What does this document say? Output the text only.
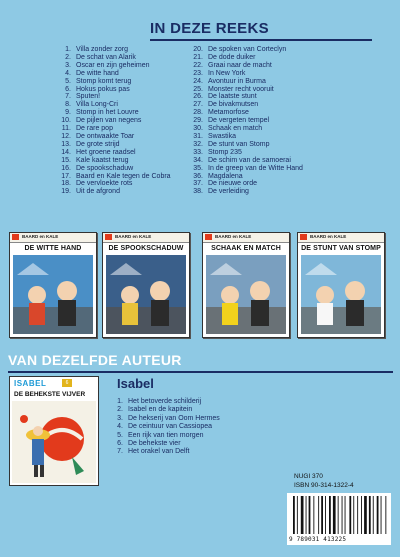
IN DEZE REEKS
1. Villa zonder zorg
2. De schat van Alarik
3. Oscar en zijn geheimen
4. De witte hand
5. Stomp komt terug
6. Hokus pokus pas
7. Sputen!
8. Villa Long-Cri
9. Stomp in het Louvre
10. De pijlen van negens
11. De rare pop
12. De ontwaakte Toar
13. De grote strijd
14. Het groene raadsel
15. Kale kaatst terug
16. De spookschaduw
17. Baard en Kale tegen de Cobra
18. De vervloekte rots
19. Uit de afgrond
20. De spoken van Corteclyn
21. De dode duiker
22. Graai naar de macht
23. In New York
24. Avontuur in Burma
25. Monster recht vooruit
26. De laatste stunt
27. De bivakmutsen
28. Metamorfose
29. De vergeten tempel
30. Schaak en match
31. Swastika
32. De stunt van Stomp
33. Stomp 235
34. De schim van de samoerai
35. In de greep van de Witte Hand
36. Magdalena
37. De nieuwe orde
38. De verleiding
BAARD en KALE
DE WITTE HAND
BAARD en KALE
DE SPOOKSCHADUW
BAARD en KALE
SCHAAK EN MATCH
BAARD en KALE
DE STUNT VAN STOMP
VAN DEZELFDE AUTEUR
Isabel
1. Het betoverde schilderij
2. Isabel en de kapitein
3. De hekserij van Oom Hermes
4. De ceintuur van Cassiopea
5. Een rijk van tien morgen
6. De behekste vier
7. Het orakel van Delft
ISABEL	6
DE BEHEKSTE VIJVER
NUGI 370
ISBN 90-314-1322-4
9 789031 413225
